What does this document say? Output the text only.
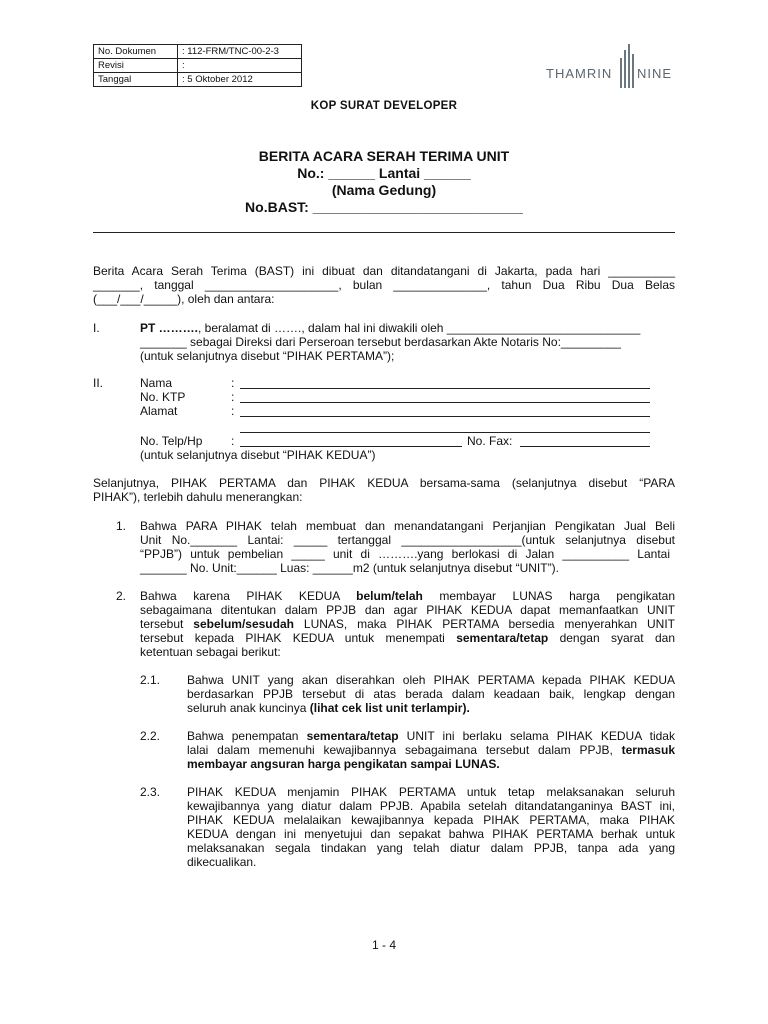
No. Dokumen	: 112-FRM/TNC-00-2-3
Revisi	:
Tanggal	: 5 Oktober 2012	THAMRIN NINE
KOP SURAT DEVELOPER
BERITA ACARA SERAH TERIMA UNIT
No.: ______ Lantai ______
(Nama Gedung)
No.BAST: ___________________________
Berita Acara Serah Terima (BAST) ini dibuat dan ditandatangani di Jakarta, pada hari __________
_______, tanggal ____________________, bulan ______________, tahun Dua Ribu Dua Belas
(___/___/_____), oleh dan antara:
I.	PT ………., beralamat di ……., dalam hal ini diwakili oleh _____________________________
_______ sebagai Direksi dari Perseroan tersebut berdasarkan Akte Notaris No:_________
(untuk selanjutnya disebut “PIHAK PERTAMA”);
II.	Nama	:
No. KTP	:
Alamat	:
No. Telp/Hp :	No. Fax:
(untuk selanjutnya disebut “PIHAK KEDUA”)
Selanjutnya, PIHAK PERTAMA dan PIHAK KEDUA bersama-sama (selanjutnya disebut “PARA
PIHAK”), terlebih dahulu menerangkan:
1. Bahwa PARA PIHAK telah membuat dan menandatangani Perjanjian Pengikatan Jual Beli
Unit No._______ Lantai: _____ tertanggal __________________(untuk selanjutnya disebut
“PPJB”) untuk pembelian _____ unit di ……….yang berlokasi di Jalan __________ Lantai
_______ No. Unit:______ Luas: ______m2 (untuk selanjutnya disebut “UNIT”).
2. Bahwa karena PIHAK KEDUA belum/telah membayar LUNAS harga pengikatan
sebagaimana ditentukan dalam PPJB dan agar PIHAK KEDUA dapat memanfaatkan UNIT
tersebut sebelum/sesudah LUNAS, maka PIHAK PERTAMA bersedia menyerahkan UNIT
tersebut kepada PIHAK KEDUA untuk menempati sementara/tetap dengan syarat dan
ketentuan sebagai berikut:
2.1. Bahwa UNIT yang akan diserahkan oleh PIHAK PERTAMA kepada PIHAK KEDUA
berdasarkan PPJB tersebut di atas berada dalam keadaan baik, lengkap dengan
seluruh anak kuncinya (lihat cek list unit terlampir).
2.2. Bahwa penempatan sementara/tetap UNIT ini berlaku selama PIHAK KEDUA tidak
lalai dalam memenuhi kewajibannya sebagaimana tersebut dalam PPJB, termasuk
membayar angsuran harga pengikatan sampai LUNAS.
2.3. PIHAK KEDUA menjamin PIHAK PERTAMA untuk tetap melaksanakan seluruh
kewajibannya yang diatur dalam PPJB. Apabila setelah ditandatanganinya BAST ini,
PIHAK KEDUA melalaikan kewajibannya kepada PIHAK PERTAMA, maka PIHAK
KEDUA dengan ini menyetujui dan sepakat bahwa PIHAK PERTAMA berhak untuk
melaksanakan segala tindakan yang telah diatur dalam PPJB, tanpa ada yang
dikecualikan.
1 - 4
